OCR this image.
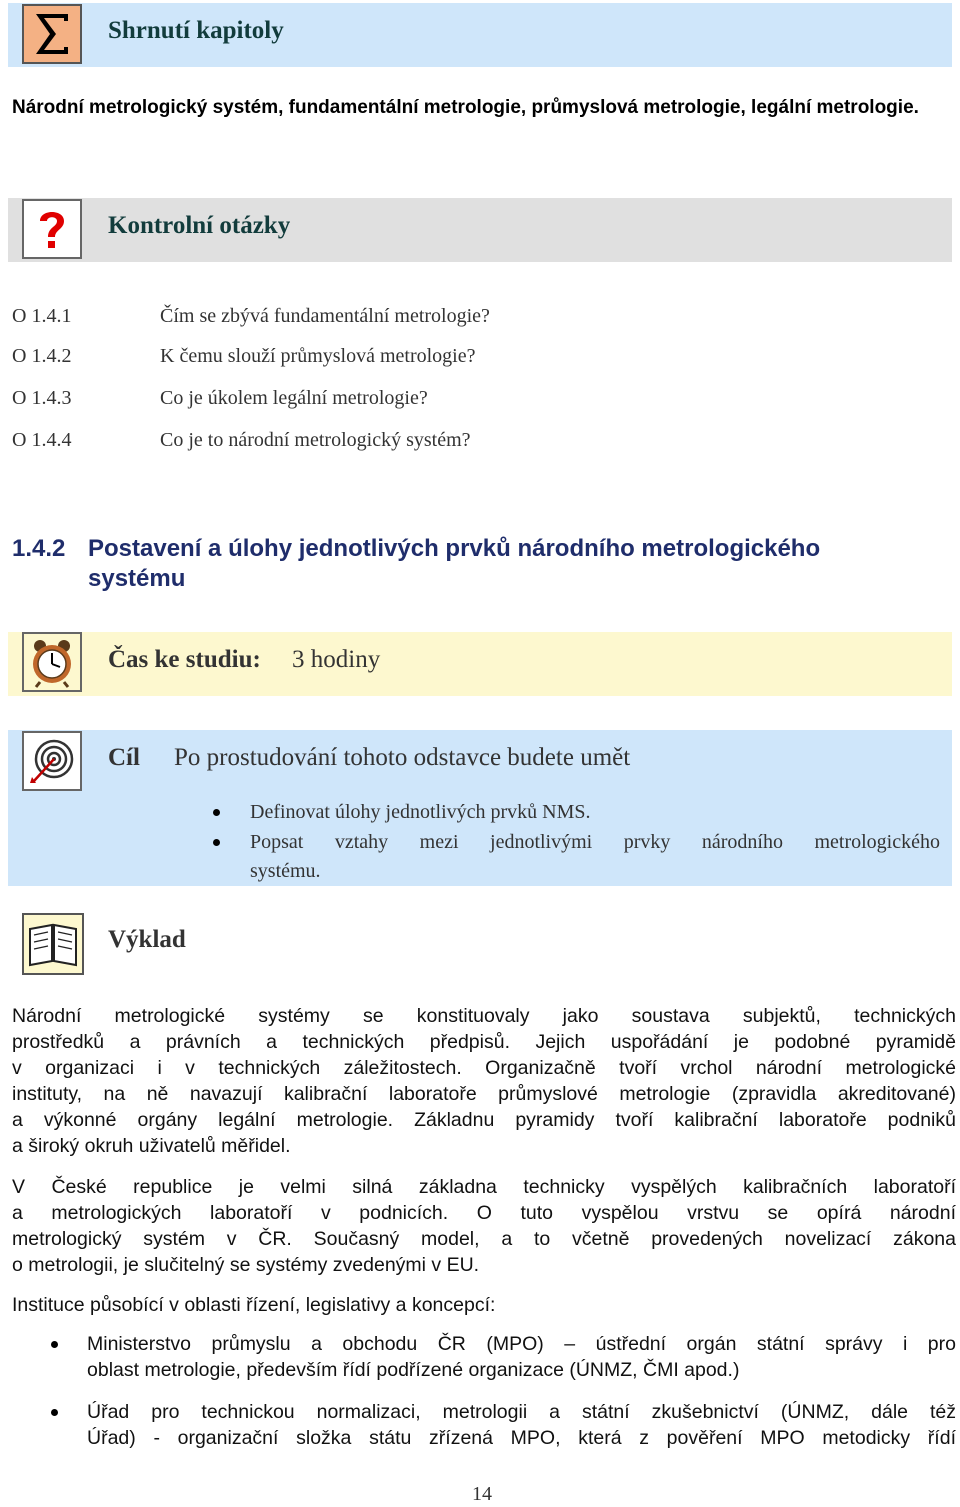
Shrnutí kapitoly
Národní metrologický systém, fundamentální metrologie, průmyslová metrologie, legální metrologie.
Kontrolní otázky
O 1.4.1	Čím se zbývá fundamentální metrologie?
O 1.4.2	K čemu slouží průmyslová metrologie?
O 1.4.3	Co je úkolem legální metrologie?
O 1.4.4	Co je to národní metrologický systém?
1.4.2 Postavení a úlohy jednotlivých prvků národního metrologického
systému
Čas ke studiu: 3 hodiny
Cíl Po prostudování tohoto odstavce budete umět
Definovat úlohy jednotlivých prvků NMS.
Popsat vztahy mezi jednotlivými prvky národního metrologického
systému.
Výklad
Národní metrologické systémy se konstituovaly jako soustava subjektů, technických
prostředků a právních a technických předpisů. Jejich uspořádání je podobné pyramidě
v organizaci i v technických záležitostech. Organizačně tvoří vrchol národní metrologické
instituty, na ně navazují kalibrační laboratoře průmyslové metrologie (zpravidla akreditované)
a výkonné orgány legální metrologie. Základnu pyramidy tvoří kalibrační laboratoře podniků
a široký okruh uživatelů měřidel.
V České republice je velmi silná základna technicky vyspělých kalibračních laboratoří
a metrologických laboratoří v podnicích. O tuto vyspělou vrstvu se opírá národní
metrologický systém v ČR. Současný model, a to včetně provedených novelizací zákona
o metrologii, je slučitelný se systémy zvedenými v EU.
Instituce působící v oblasti řízení, legislativy a koncepcí:
Ministerstvo průmyslu a obchodu ČR (MPO) – ústřední orgán státní správy i pro
oblast metrologie, především řídí podřízené organizace (ÚNMZ, ČMI apod.)
Úřad pro technickou normalizaci, metrologii a státní zkušebnictví (ÚNMZ, dále též
Úřad) - organizační složka státu zřízená MPO, která z pověření MPO metodicky řídí
14
